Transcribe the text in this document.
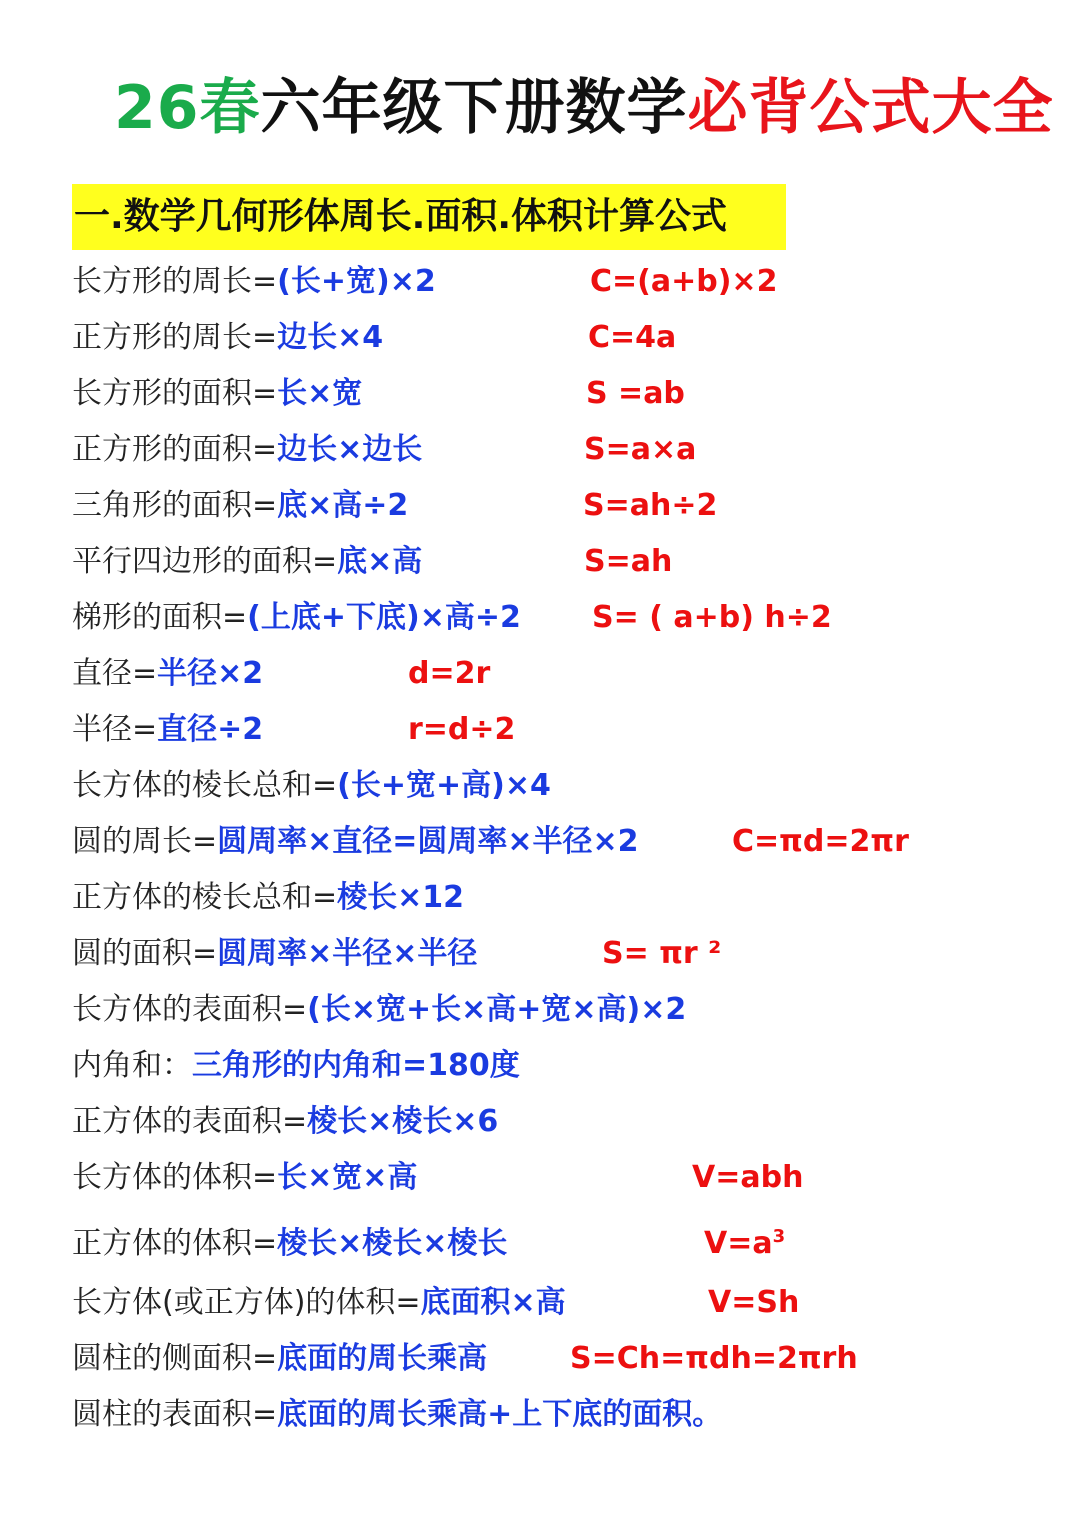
26春六年级下册数学必背公式大全
一.数学几何形体周长.面积.体积计算公式
长方形的周长=(长+宽)×2	C=(a+b)×2
正方形的周长=边长×4	C=4a
长方形的面积=长×宽	S =ab
正方形的面积=边长×边长	S=a×a
三角形的面积=底×高÷2	S=ah÷2
平行四边形的面积=底×高	S=ah
梯形的面积=(上底+下底)×高÷2 S= ( a+b) h÷2
直径=半径×2	d=2r
半径=直径÷2	r=d÷2
长方体的棱长总和=(长+宽+高)×4
圆的周长=圆周率×直径=圆周率×半径×2	C=πd=2πr
正方体的棱长总和=棱长×12
圆的面积=圆周率×半径×半径	S= πr ²
长方体的表面积=(长×宽+长×高+宽×高)×2
内角和：三角形的内角和=180度
正方体的表面积=棱长×棱长×6
长方体的体积=长×宽×高	V=abh
正方体的体积=棱长×棱长×棱长	$V=a^3$
长方体(或正方体)的体积=底面积×高	V=Sh
圆柱的侧面积=底面的周长乘高	S=Ch=πdh=2πrh
圆柱的表面积=底面的周长乘高+上下底的面积。
